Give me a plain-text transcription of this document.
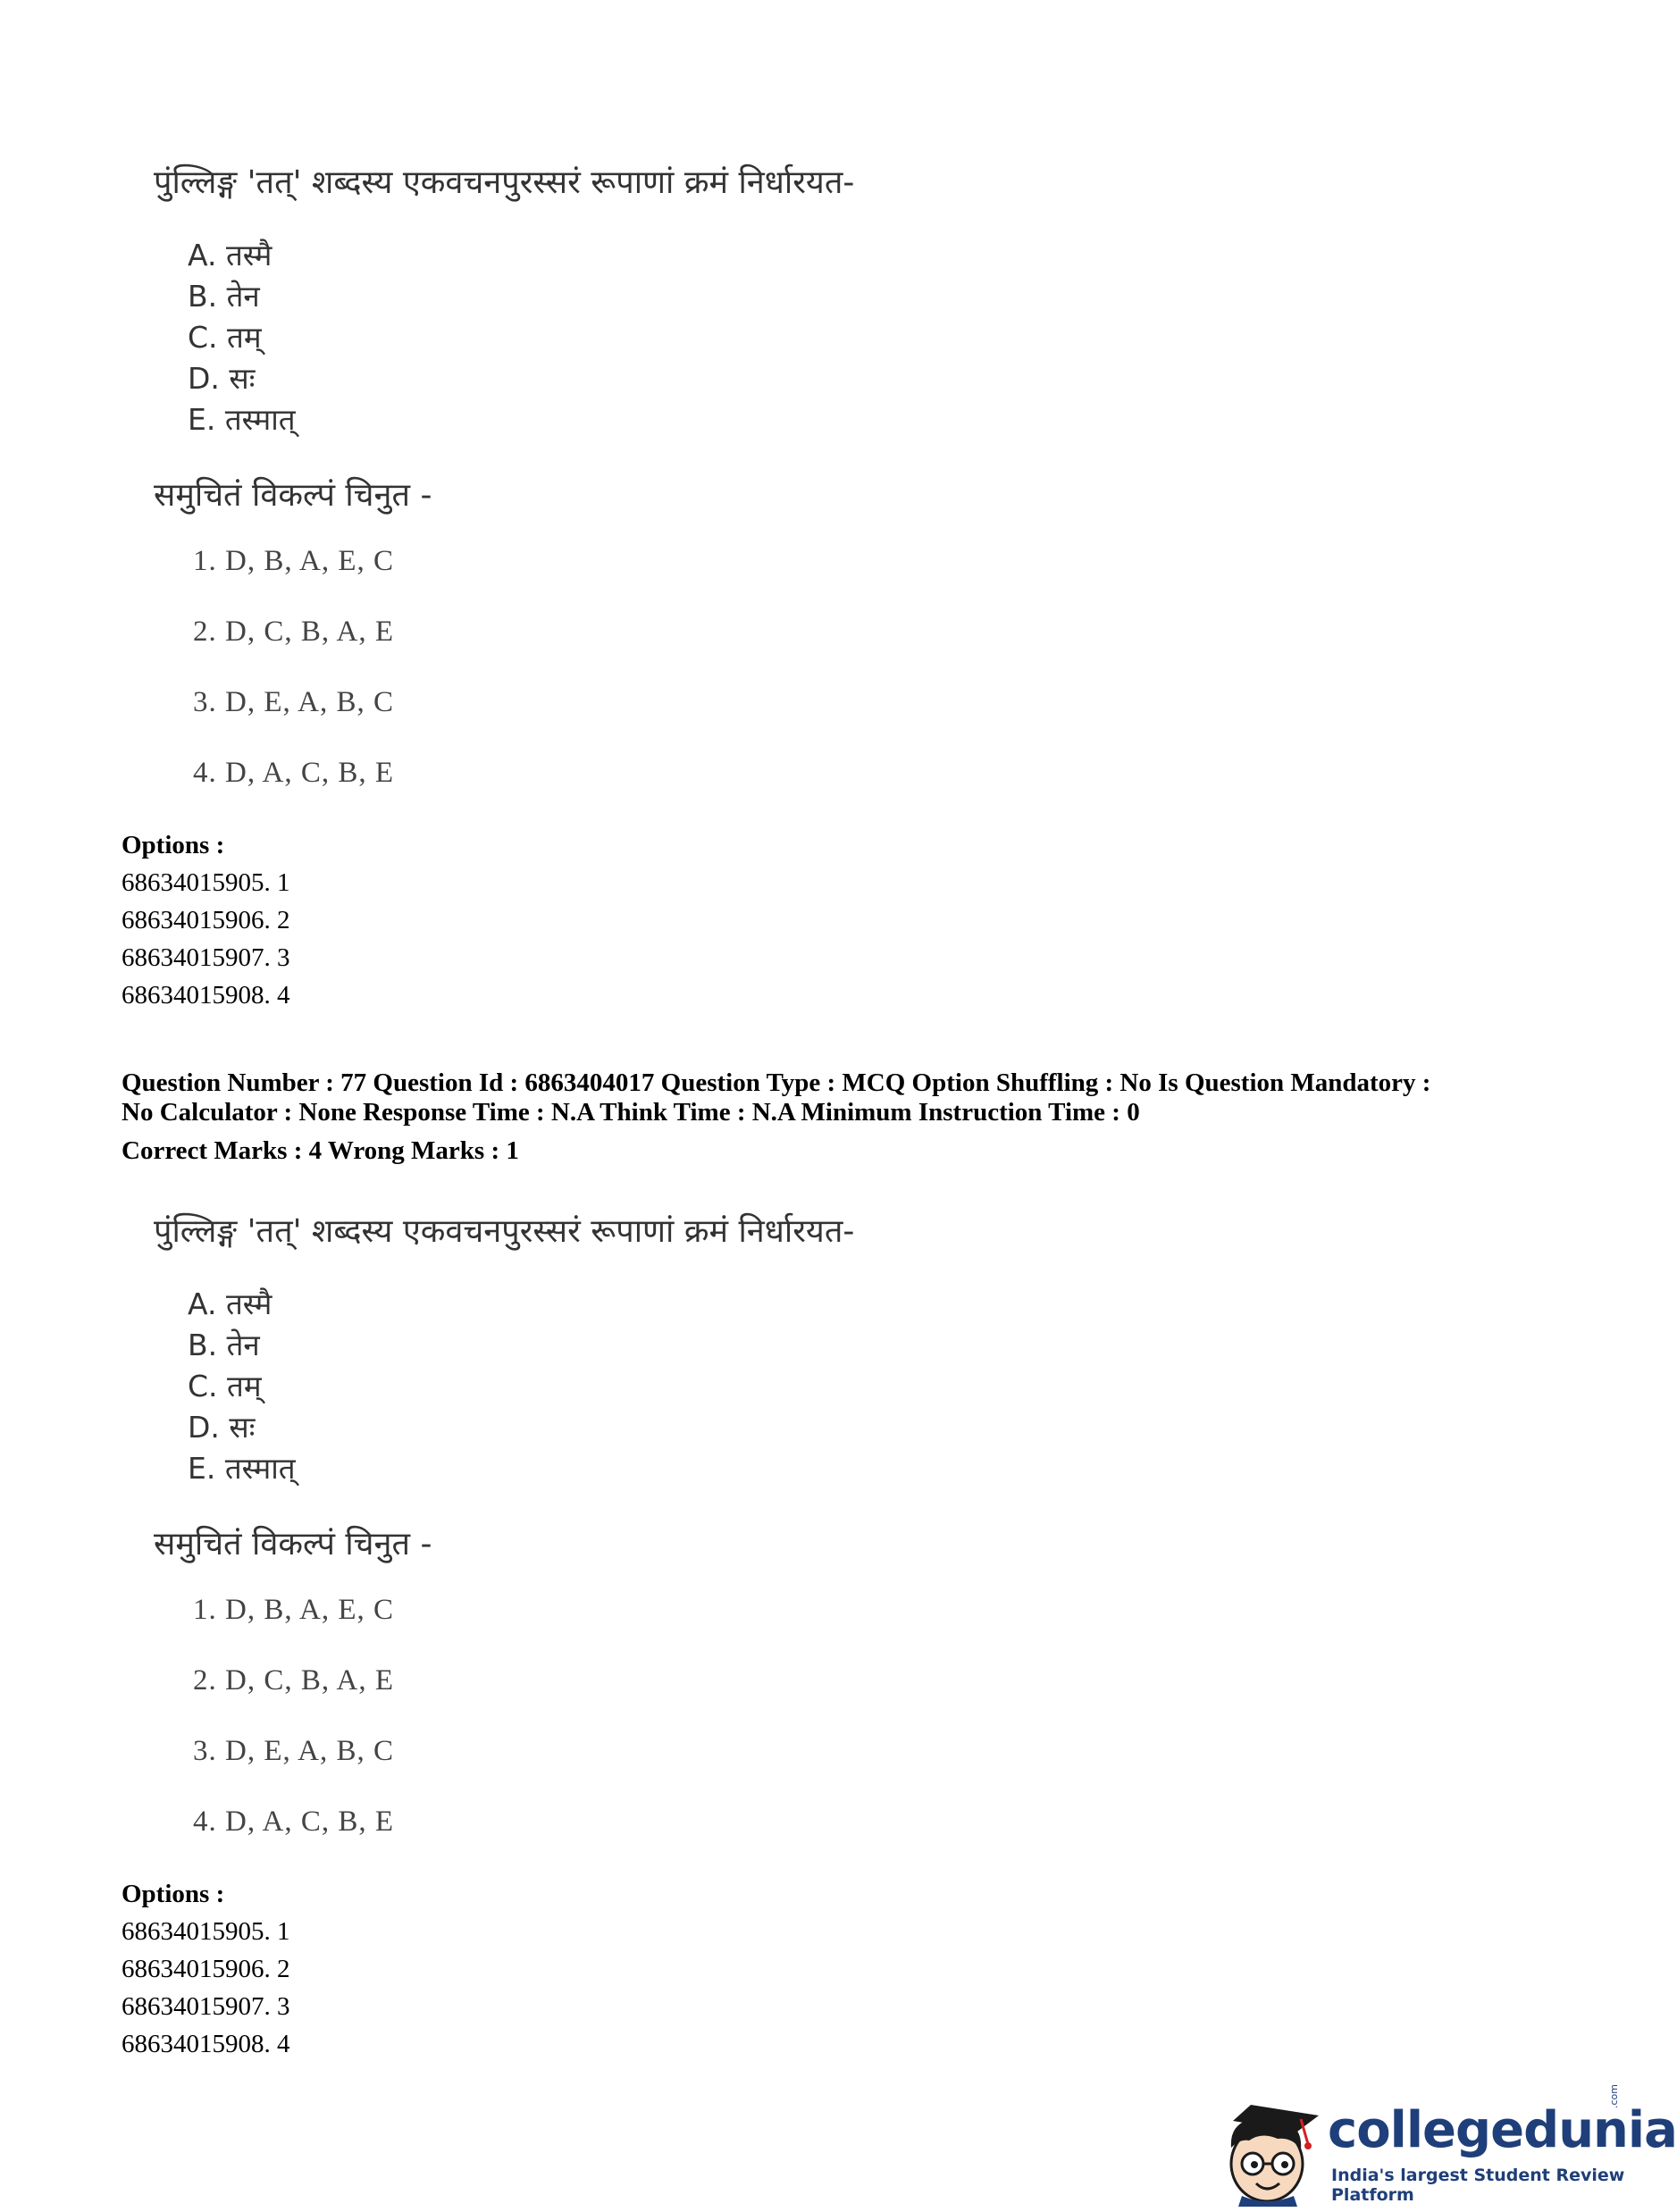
पुंल्लिङ्ग 'तत्' शब्दस्य एकवचनपुरस्सरं रूपाणां क्रमं निर्धारयत-
A. तस्मै
B. तेन
C. तम्
D. सः
E. तस्मात्
समुचितं विकल्पं चिनुत -
1. D, B, A, E, C
2. D, C, B, A, E
3. D, E, A, B, C
4. D, A, C, B, E
Options :
68634015905. 1
68634015906. 2
68634015907. 3
68634015908. 4
Question Number : 77 Question Id : 6863404017 Question Type : MCQ Option Shuffling : No Is Question Mandatory :
No Calculator : None Response Time : N.A Think Time : N.A Minimum Instruction Time : 0
Correct Marks : 4 Wrong Marks : 1
पुंल्लिङ्ग 'तत्' शब्दस्य एकवचनपुरस्सरं रूपाणां क्रमं निर्धारयत-
A. तस्मै
B. तेन
C. तम्
D. सः
E. तस्मात्
समुचितं विकल्पं चिनुत -
1. D, B, A, E, C
2. D, C, B, A, E
3. D, E, A, B, C
4. D, A, C, B, E
Options :
68634015905. 1
68634015906. 2
68634015907. 3
68634015908. 4
collegedunia
.com
India's largest Student Review Platform
